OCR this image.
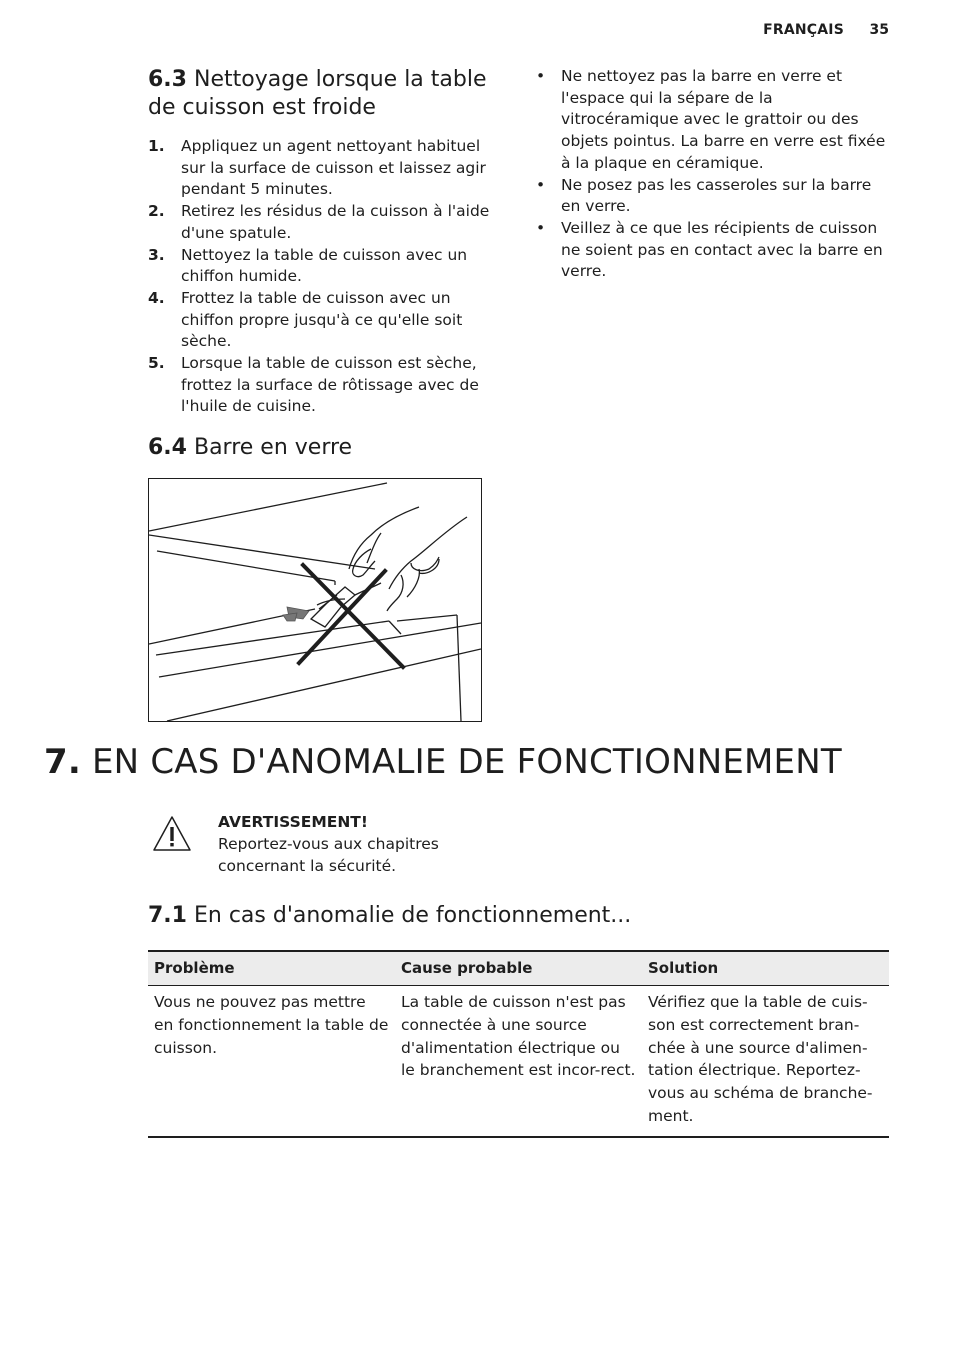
FRANÇAIS 35
6.3 Nettoyage lorsque la table de cuisson est froide
1. Appliquez un agent nettoyant habituel sur la surface de cuisson et laissez agir pendant 5 minutes.
2. Retirez les résidus de la cuisson à l'aide d'une spatule.
3. Nettoyez la table de cuisson avec un chiffon humide.
4. Frottez la table de cuisson avec un chiffon propre jusqu'à ce qu'elle soit sèche.
5. Lorsque la table de cuisson est sèche, frottez la surface de rôtissage avec de l'huile de cuisine.
• Ne nettoyez pas la barre en verre et l'espace qui la sépare de la vitrocéramique avec le grattoir ou des objets pointus. La barre en verre est fixée à la plaque en céramique.
• Ne posez pas les casseroles sur la barre en verre.
• Veillez à ce que les récipients de cuisson ne soient pas en contact avec la barre en verre.
6.4 Barre en verre
7. EN CAS D'ANOMALIE DE FONCTIONNEMENT
AVERTISSEMENT!
Reportez-vous aux chapitres concernant la sécurité.
7.1 En cas d'anomalie de fonctionnement...
Problème	Cause probable	Solution
Vous ne pouvez pas mettre en fonctionnement la table de cuisson.	La table de cuisson n'est pas connectée à une source d'alimentation électrique ou le branchement est incor-rect.	Vérifiez que la table de cuis-son est correctement bran-chée à une source d'alimen-tation électrique. Reportez-vous au schéma de branche-ment.
